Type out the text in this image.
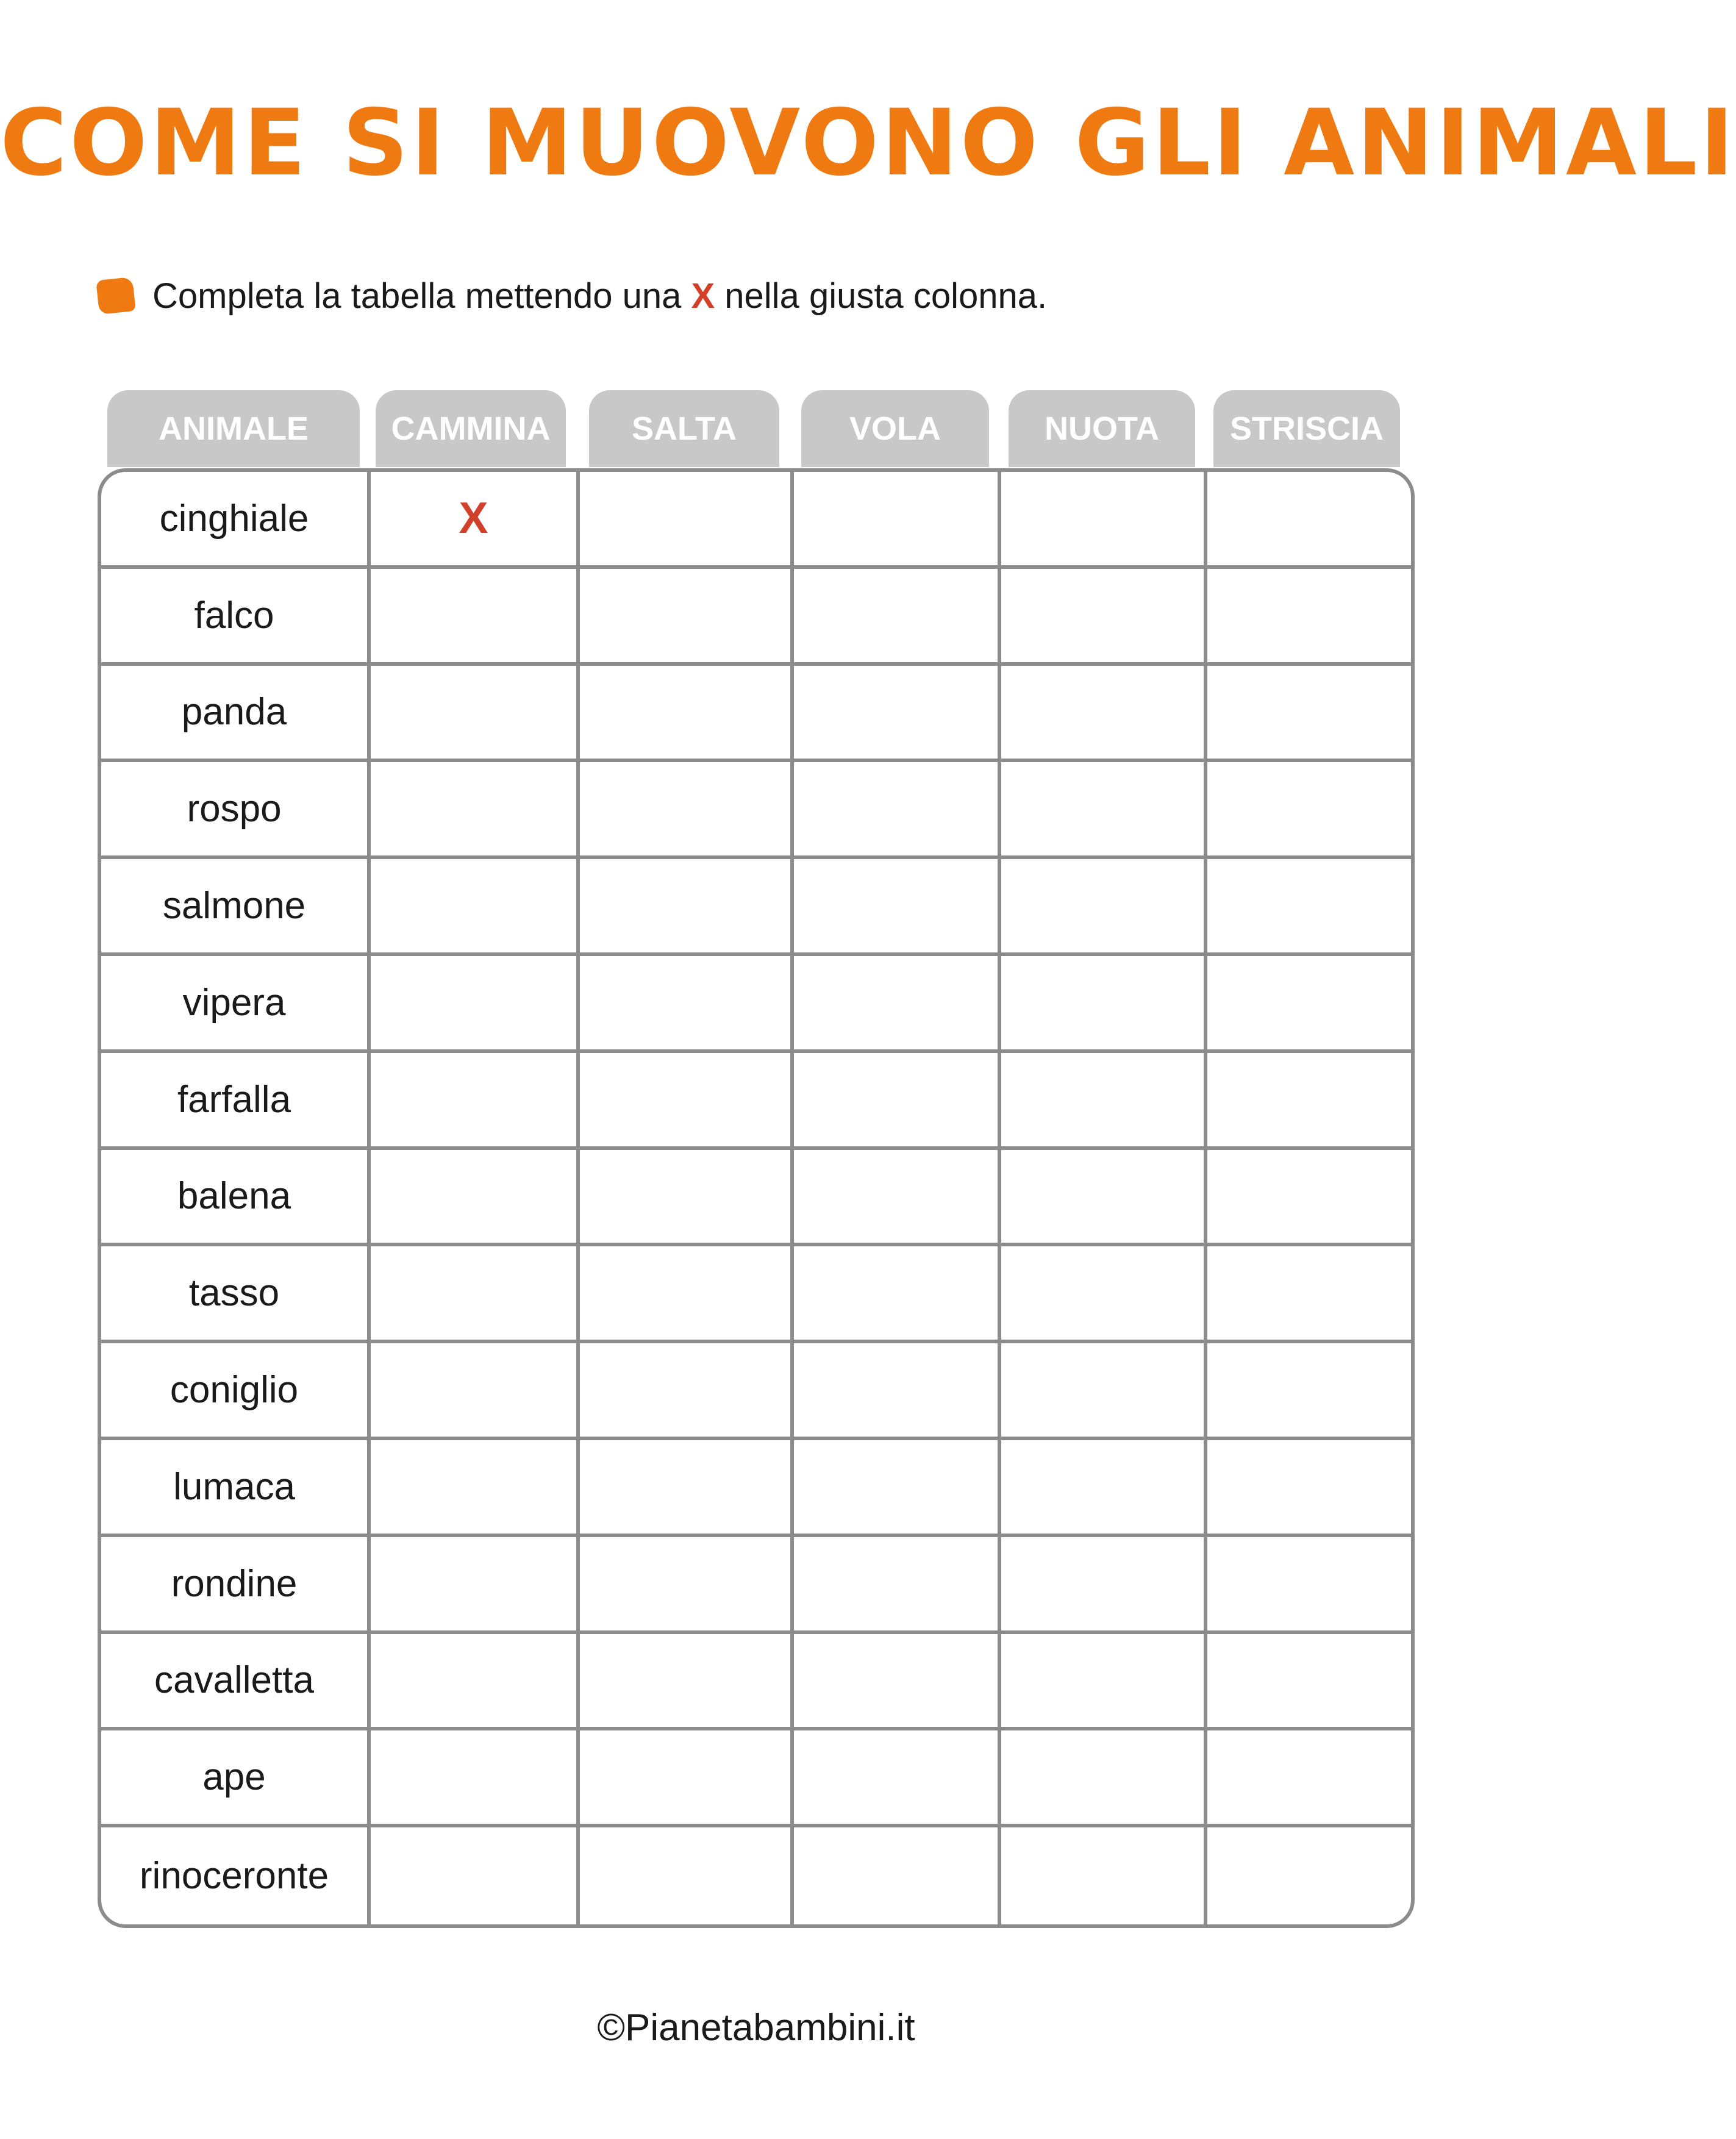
COME SI MUOVONO GLI ANIMALI
Completa la tabella mettendo una
X
nella giusta colonna.
ANIMALE	CAMMINA	SALTA	VOLA	NUOTA	STRISCIA
cinghiale	X
falco
panda
rospo
salmone
vipera
farfalla
balena
tasso
coniglio
lumaca
rondine
cavalletta
ape
rinoceronte
©Pianetabambini.it
